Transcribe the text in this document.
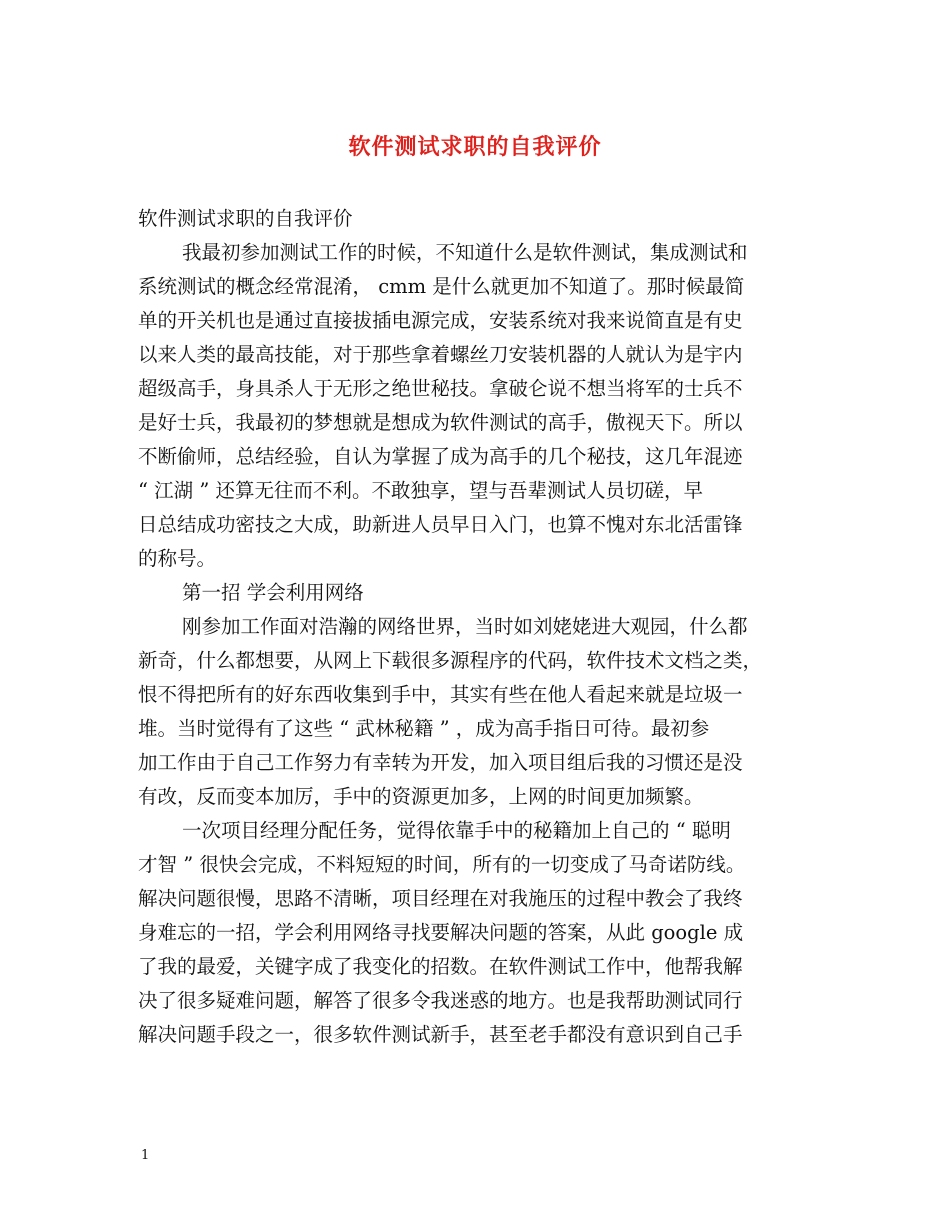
软件测试求职的自我评价
软件测试求职的自我评价
我最初参加测试工作的时候，不知道什么是软件测试，集成测试和
系统测试的概念经常混淆， cmm 是什么就更加不知道了。那时候最简
单的开关机也是通过直接拔插电源完成，安装系统对我来说简直是有史
以来人类的最高技能，对于那些拿着螺丝刀安装机器的人就认为是宇内
超级高手，身具杀人于无形之绝世秘技。拿破仑说不想当将军的士兵不
是好士兵，我最初的梦想就是想成为软件测试的高手，傲视天下。所以
不断偷师，总结经验，自认为掌握了成为高手的几个秘技，这几年混迹
“ 江湖 ” 还算无往而不利。不敢独享，望与吾辈测试人员切磋，早
日总结成功密技之大成，助新进人员早日入门，也算不愧对东北活雷锋
的称号。
第一招 学会利用网络
刚参加工作面对浩瀚的网络世界，当时如刘姥姥进大观园，什么都
新奇，什么都想要，从网上下载很多源程序的代码，软件技术文档之类，
恨不得把所有的好东西收集到手中，其实有些在他人看起来就是垃圾一
堆。当时觉得有了这些 “ 武林秘籍 ” ，成为高手指日可待。最初参
加工作由于自己工作努力有幸转为开发，加入项目组后我的习惯还是没
有改，反而变本加厉，手中的资源更加多，上网的时间更加频繁。
一次项目经理分配任务，觉得依靠手中的秘籍加上自己的 “ 聪明
才智 ” 很快会完成，不料短短的时间，所有的一切变成了马奇诺防线。
解决问题很慢，思路不清晰，项目经理在对我施压的过程中教会了我终
身难忘的一招，学会利用网络寻找要解决问题的答案，从此 google 成
了我的最爱，关键字成了我变化的招数。在软件测试工作中，他帮我解
决了很多疑难问题，解答了很多令我迷惑的地方。也是我帮助测试同行
解决问题手段之一，很多软件测试新手，甚至老手都没有意识到自己手
1
